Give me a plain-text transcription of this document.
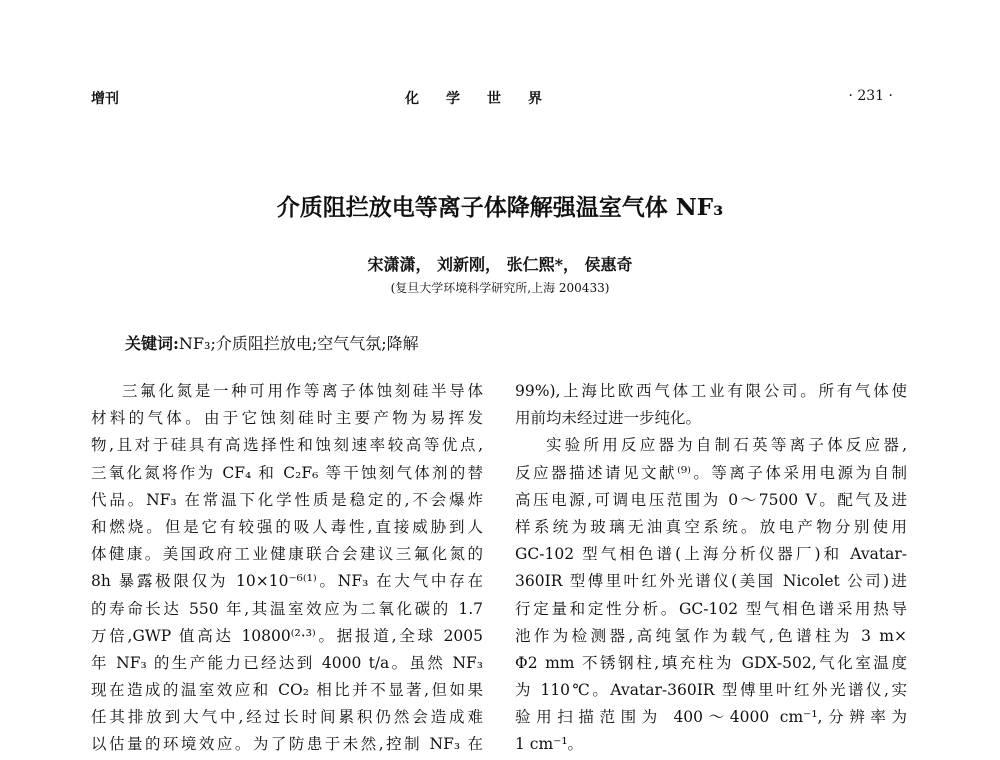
增刊	化学世界	· 231 ·
介质阻拦放电等离子体降解强温室气体 NF₃
宋潇潇， 刘新刚， 张仁熙*， 侯惠奇
(复旦大学环境科学研究所,上海 200433)
关键词:NF₃;介质阻拦放电;空气气氛;降解
三氟化氮是一种可用作等离子体蚀刻硅半导体
材料的气体。由于它蚀刻硅时主要产物为易挥发
物,且对于硅具有高选择性和蚀刻速率较高等优点,
三氧化氮将作为 CF₄ 和 C₂F₆ 等干蚀刻气体剂的替
代品。NF₃ 在常温下化学性质是稳定的,不会爆炸
和燃烧。但是它有较强的吸人毒性,直接威胁到人
体健康。美国政府工业健康联合会建议三氟化氮的
8h 暴露极限仅为 10×10⁻⁶⁽¹⁾。NF₃ 在大气中存在
的寿命长达 550 年,其温室效应为二氧化碳的 1.7
万倍,GWP 值高达 10800⁽²·³⁾。据报道,全球 2005
年 NF₃ 的生产能力已经达到 4000 t/a。虽然 NF₃
现在造成的温室效应和 CO₂ 相比并不显著,但如果
任其排放到大气中,经过长时间累积仍然会造成难
以估量的环境效应。为了防患于未然,控制 NF₃ 在
99%),上海比欧西气体工业有限公司。所有气体使
用前均未经过进一步纯化。
实验所用反应器为自制石英等离子体反应器,
反应器描述请见文献⁽⁹⁾。等离子体采用电源为自制
高压电源,可调电压范围为 0～7500 V。配气及进
样系统为玻璃无油真空系统。放电产物分别使用
GC-102 型气相色谱(上海分析仪器厂)和 Avatar-
360IR 型傅里叶红外光谱仪(美国 Nicolet 公司)进
行定量和定性分析。GC-102 型气相色谱采用热导
池作为检测器,高纯氢作为载气,色谱柱为 3 m×
Φ2 mm 不锈钢柱,填充柱为 GDX-502,气化室温度
为 110℃。Avatar-360IR 型傅里叶红外光谱仪,实
验用扫描范围为 400～4000 cm⁻¹,分辨率为
1 cm⁻¹。
